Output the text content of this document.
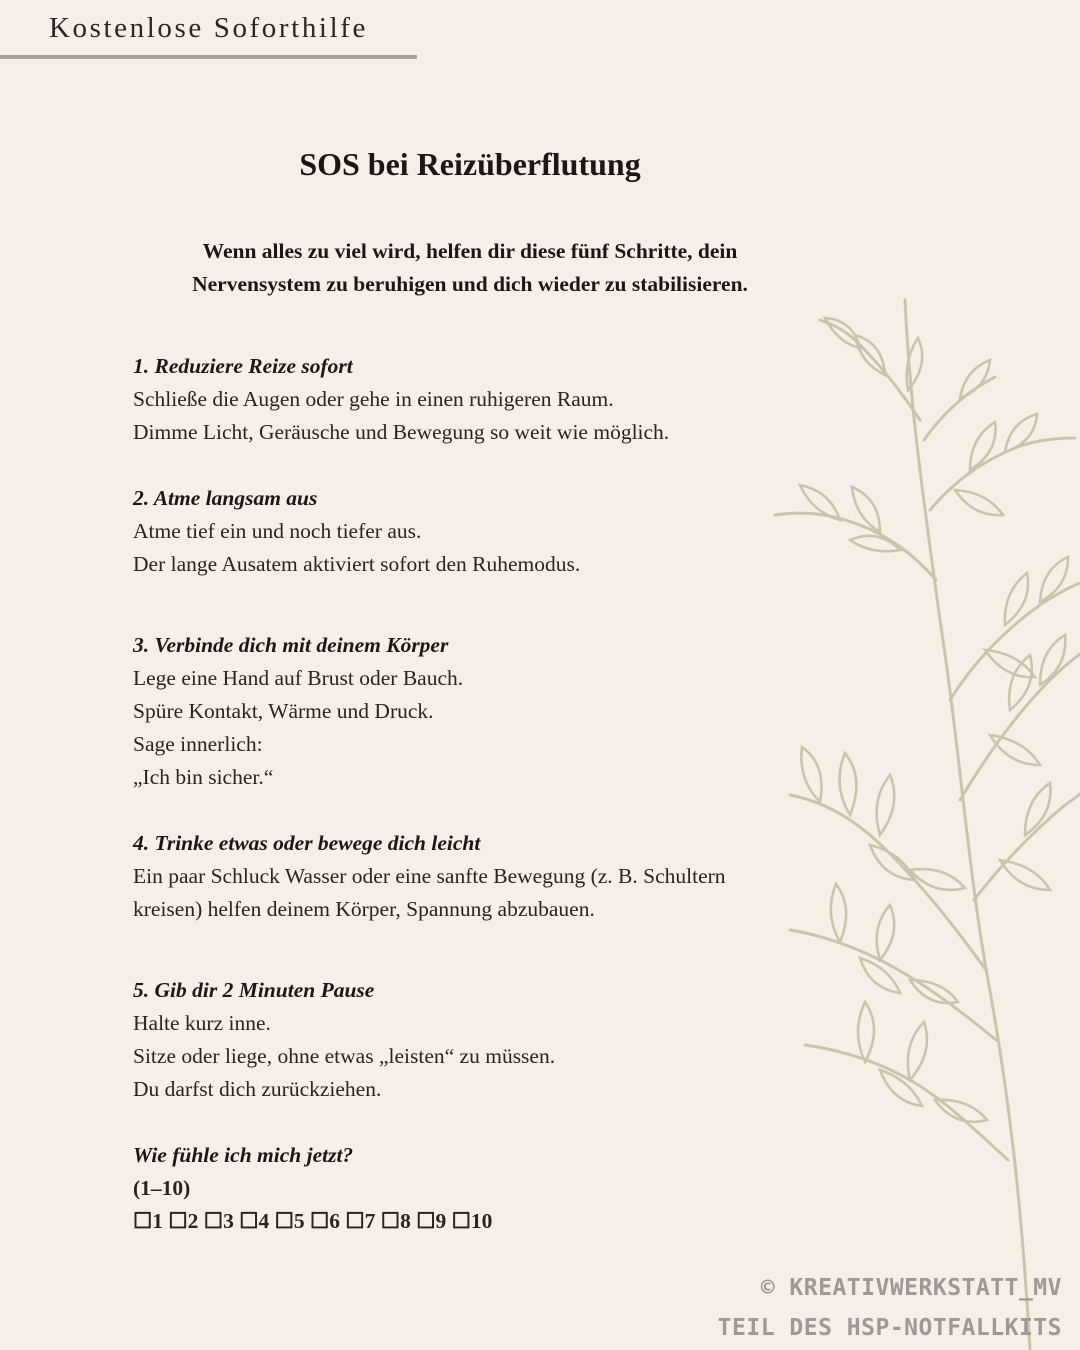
Kostenlose Soforthilfe
SOS bei Reizüberflutung
Wenn alles zu viel wird, helfen dir diese fünf Schritte, dein
Nervensystem zu beruhigen und dich wieder zu stabilisieren.
1. Reduziere Reize sofort
Schließe die Augen oder gehe in einen ruhigeren Raum.
Dimme Licht, Geräusche und Bewegung so weit wie möglich.
2. Atme langsam aus
Atme tief ein und noch tiefer aus.
Der lange Ausatem aktiviert sofort den Ruhemodus.
3. Verbinde dich mit deinem Körper
Lege eine Hand auf Brust oder Bauch.
Spüre Kontakt, Wärme und Druck.
Sage innerlich:
„Ich bin sicher.“
4. Trinke etwas oder bewege dich leicht
Ein paar Schluck Wasser oder eine sanfte Bewegung (z. B. Schultern
kreisen) helfen deinem Körper, Spannung abzubauen.
5. Gib dir 2 Minuten Pause
Halte kurz inne.
Sitze oder liege, ohne etwas „leisten“ zu müssen.
Du darfst dich zurückziehen.
Wie fühle ich mich jetzt?
(1–10)
☐1 ☐2 ☐3 ☐4 ☐5 ☐6 ☐7 ☐8 ☐9 ☐10
© KREATIVWERKSTATT_MV
TEIL DES HSP-NOTFALLKITS
